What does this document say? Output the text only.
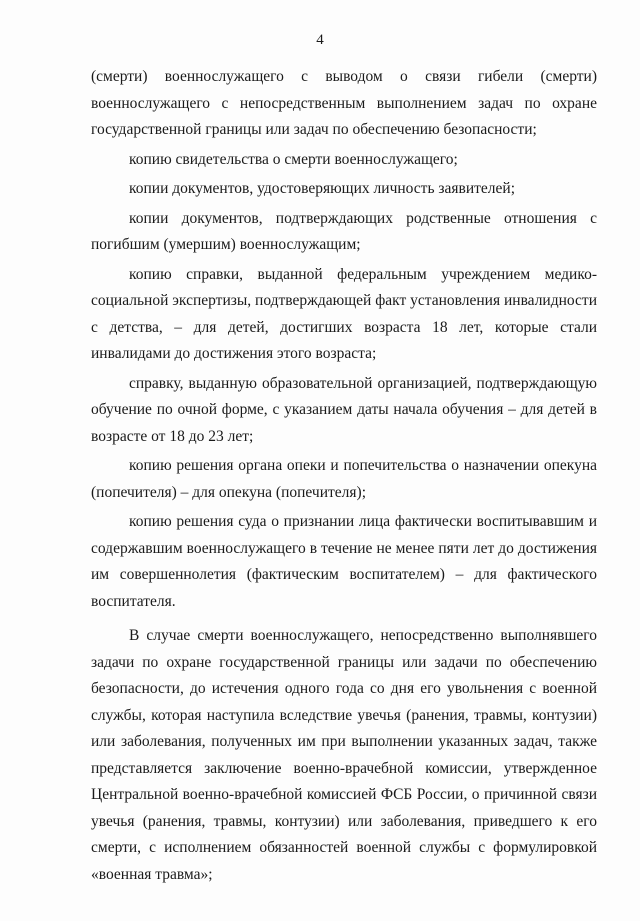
4

(смерти) военнослужащего с выводом о связи гибели (смерти) военнослужащего с непосредственным выполнением задач по охране государственной границы или задач по обеспечению безопасности;

копию свидетельства о смерти военнослужащего;

копии документов, удостоверяющих личность заявителей;

копии документов, подтверждающих родственные отношения с погибшим (умершим) военнослужащим;

копию справки, выданной федеральным учреждением медико-социальной экспертизы, подтверждающей факт установления инвалидности с детства, – для детей, достигших возраста 18 лет, которые стали инвалидами до достижения этого возраста;

справку, выданную образовательной организацией, подтверждающую обучение по очной форме, с указанием даты начала обучения – для детей в возрасте от 18 до 23 лет;

копию решения органа опеки и попечительства о назначении опекуна (попечителя) – для опекуна (попечителя);

копию решения суда о признании лица фактически воспитывавшим и содержавшим военнослужащего в течение не менее пяти лет до достижения им совершеннолетия (фактическим воспитателем) – для фактического воспитателя.

В случае смерти военнослужащего, непосредственно выполнявшего задачи по охране государственной границы или задачи по обеспечению безопасности, до истечения одного года со дня его увольнения с военной службы, которая наступила вследствие увечья (ранения, травмы, контузии) или заболевания, полученных им при выполнении указанных задач, также представляется заключение военно-врачебной комиссии, утвержденное Центральной военно-врачебной комиссией ФСБ России, о причинной связи увечья (ранения, травмы, контузии) или заболевания, приведшего к его смерти, с исполнением обязанностей военной службы с формулировкой «военная травма»;
